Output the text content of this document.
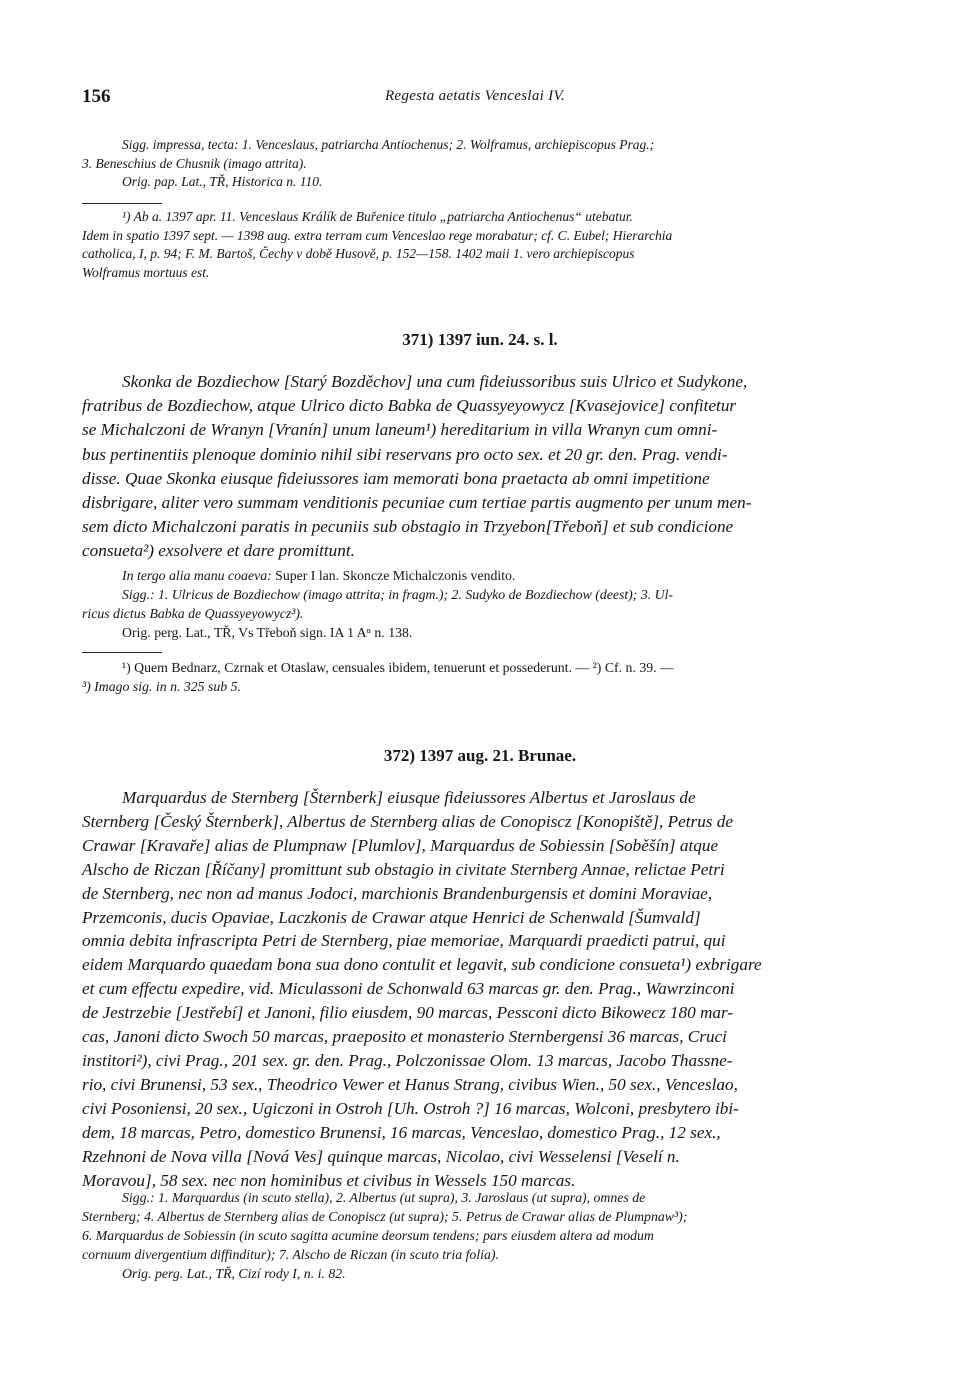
156	Regesta aetatis Venceslai IV.
Sigg. impressa, tecta: 1. Venceslaus, patriarcha Antiochenus; 2. Wolframus, archiepiscopus Prag.;
3. Beneschius de Chusnik (imago attrita).
Orig. pap. Lat., TŘ, Historica n. 110.
¹) Ab a. 1397 apr. 11. Venceslaus Králík de Buřenice titulo „patriarcha Antiochenus“ utebatur.
Idem in spatio 1397 sept. — 1398 aug. extra terram cum Venceslao rege morabatur; cf. C. Eubel; Hierarchia
catholica, I, p. 94; F. M. Bartoš, Čechy v době Husově, p. 152—158. 1402 maii 1. vero archiepiscopus
Wolframus mortuus est.
371) 1397 iun. 24. s. l.
Skonka de Bozdiechow [Starý Bozděchov] una cum fideiussoribus suis Ulrico et Sudykone,
fratribus de Bozdiechow, atque Ulrico dicto Babka de Quassyeyowycz [Kvasejovice] confitetur
se Michalczoni de Wranyn [Vranín] unum laneum¹) hereditarium in villa Wranyn cum omni-
bus pertinentiis plenoque dominio nihil sibi reservans pro octo sex. et 20 gr. den. Prag. vendi-
disse. Quae Skonka eiusque fideiussores iam memorati bona praetacta ab omni impetitione
disbrigare, aliter vero summam venditionis pecuniae cum tertiae partis augmento per unum men-
sem dicto Michalczoni paratis in pecuniis sub obstagio in Trzyebon[Třeboň] et sub condicione
consueta²) exsolvere et dare promittunt.
In tergo alia manu coaeva: Super I lan. Skoncze Michalczonis vendito.
Sigg.: 1. Ulricus de Bozdiechow (imago attrita; in fragm.); 2. Sudyko de Bozdiechow (deest); 3. Ul-
ricus dictus Babka de Quassyeyowycz³).
Orig. perg. Lat., TŘ, Vs Třeboň sign. IA 1 Aᵅ n. 138.
¹) Quem Bednarz, Czrnak et Otaslaw, censuales ibidem, tenuerunt et possederunt. — ²) Cf. n. 39. —
³) Imago sig. in n. 325 sub 5.
372) 1397 aug. 21. Brunae.
Marquardus de Sternberg [Šternberk] eiusque fideiussores Albertus et Jaroslaus de
Sternberg [Český Šternberk], Albertus de Sternberg alias de Conopiscz [Konopiště], Petrus de
Crawar [Kravaře] alias de Plumpnaw [Plumlov], Marquardus de Sobiessin [Soběšín] atque
Alscho de Riczan [Říčany] promittunt sub obstagio in civitate Sternberg Annae, relictae Petri
de Sternberg, nec non ad manus Jodoci, marchionis Brandenburgensis et domini Moraviae,
Przemconis, ducis Opaviae, Laczkonis de Crawar atque Henrici de Schenwald [Šumvald]
omnia debita infrascripta Petri de Sternberg, piae memoriae, Marquardi praedicti patrui, qui
eidem Marquardo quaedam bona sua dono contulit et legavit, sub condicione consueta¹) exbrigare
et cum effectu expedire, vid. Miculassoni de Schonwald 63 marcas gr. den. Prag., Wawrzinconi
de Jestrzebie [Jestřebí] et Janoni, filio eiusdem, 90 marcas, Pessconi dicto Bikowecz 180 mar-
cas, Janoni dicto Swoch 50 marcas, praeposito et monasterio Sternbergensi 36 marcas, Cruci
institori²), civi Prag., 201 sex. gr. den. Prag., Polczonissae Olom. 13 marcas, Jacobo Thassne-
rio, civi Brunensi, 53 sex., Theodrico Vewer et Hanus Strang, civibus Wien., 50 sex., Venceslao,
civi Posoniensi, 20 sex., Ugiczoni in Ostroh [Uh. Ostroh ?] 16 marcas, Wolconi, presbytero ibi-
dem, 18 marcas, Petro, domestico Brunensi, 16 marcas, Venceslao, domestico Prag., 12 sex.,
Rzehnoni de Nova villa [Nová Ves] quinque marcas, Nicolao, civi Wesselensi [Veselí n.
Moravou], 58 sex. nec non hominibus et civibus in Wessels 150 marcas.
Sigg.: 1. Marquardus (in scuto stella), 2. Albertus (ut supra), 3. Jaroslaus (ut supra), omnes de
Sternberg; 4. Albertus de Sternberg alias de Conopiscz (ut supra); 5. Petrus de Crawar alias de Plumpnaw³);
6. Marquardus de Sobiessin (in scuto sagitta acumine deorsum tendens; pars eiusdem altera ad modum
cornuum divergentium diffinditur); 7. Alscho de Riczan (in scuto tria folia).
Orig. perg. Lat., TŘ, Cizí rody I, n. i. 82.
